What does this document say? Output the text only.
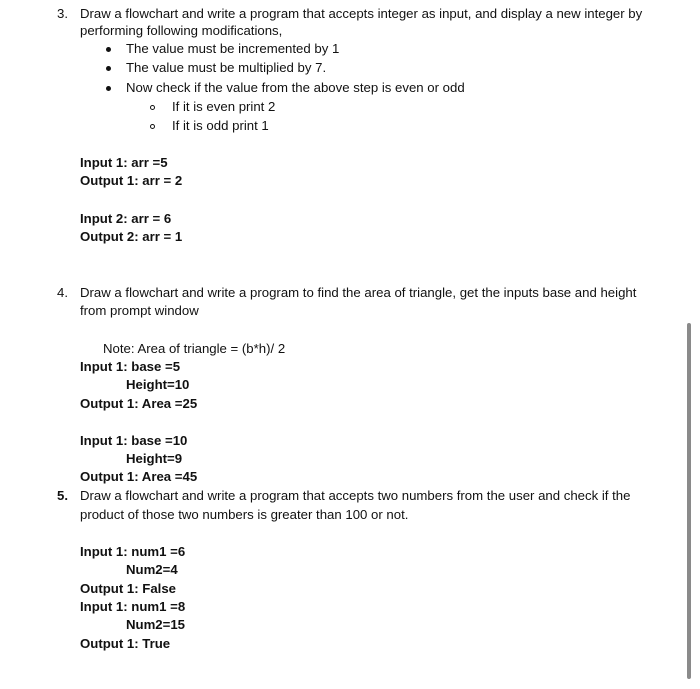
3. Draw a flowchart and write a program that accepts integer as input, and display a new integer by
performing following modifications,
The value must be incremented by 1
The value must be multiplied by 7.
Now check if the value from the above step is even or odd
If it is even print 2
If it is odd print 1
Input 1: arr =5
Output 1: arr = 2
Input 2: arr = 6
Output 2: arr = 1
4. Draw a flowchart and write a program to find the area of triangle, get the inputs base and height
from prompt window
Note: Area of triangle = (b*h)/ 2
Input 1: base =5
Height=10
Output 1: Area =25
Input 1: base =10
Height=9
Output 1: Area =45
5. Draw a flowchart and write a program that accepts two numbers from the user and check if the
product of those two numbers is greater than 100 or not.
Input 1: num1 =6
Num2=4
Output 1: False
Input 1: num1 =8
Num2=15
Output 1: True
